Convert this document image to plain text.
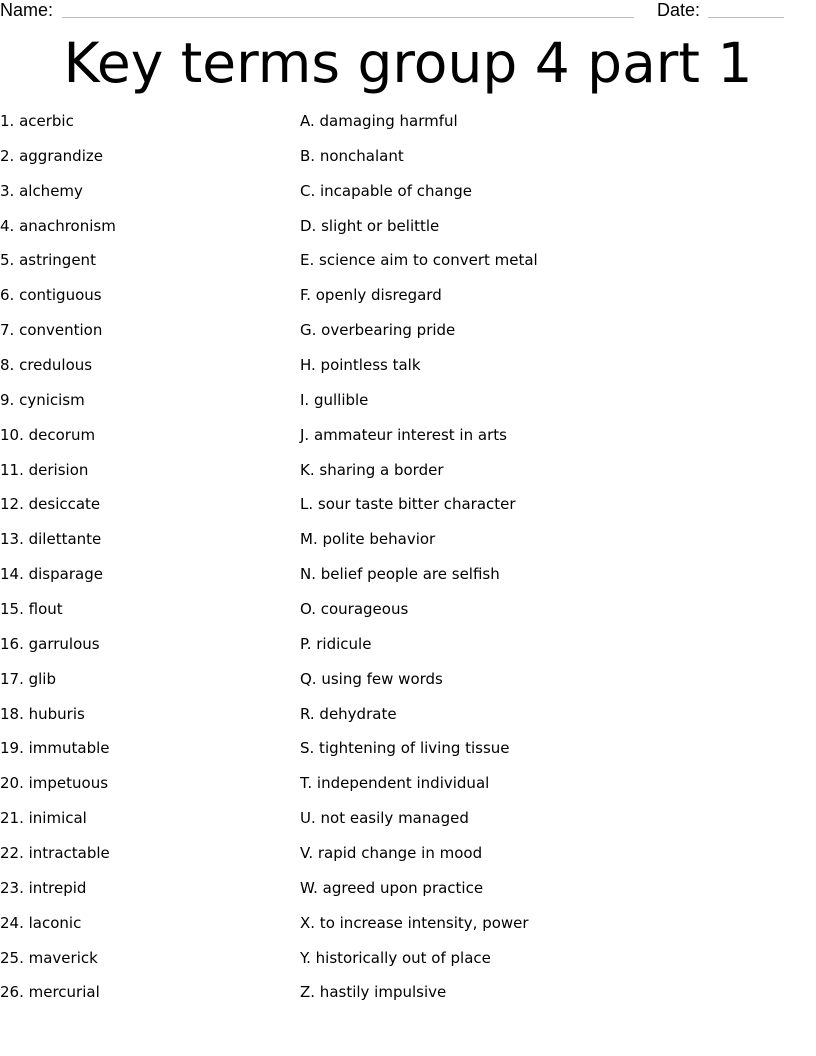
Name:	Date:
Key terms group 4 part 1
1. acerbic
2. aggrandize
3. alchemy
4. anachronism
5. astringent
6. contiguous
7. convention
8. credulous
9. cynicism
10. decorum
11. derision
12. desiccate
13. dilettante
14. disparage
15. flout
16. garrulous
17. glib
18. huburis
19. immutable
20. impetuous
21. inimical
22. intractable
23. intrepid
24. laconic
25. maverick
26. mercurial
A. damaging harmful
B. nonchalant
C. incapable of change
D. slight or belittle
E. science aim to convert metal
F. openly disregard
G. overbearing pride
H. pointless talk
I. gullible
J. ammateur interest in arts
K. sharing a border
L. sour taste bitter character
M. polite behavior
N. belief people are selfish
O. courageous
P. ridicule
Q. using few words
R. dehydrate
S. tightening of living tissue
T. independent individual
U. not easily managed
V. rapid change in mood
W. agreed upon practice
X. to increase intensity, power
Y. historically out of place
Z. hastily impulsive
